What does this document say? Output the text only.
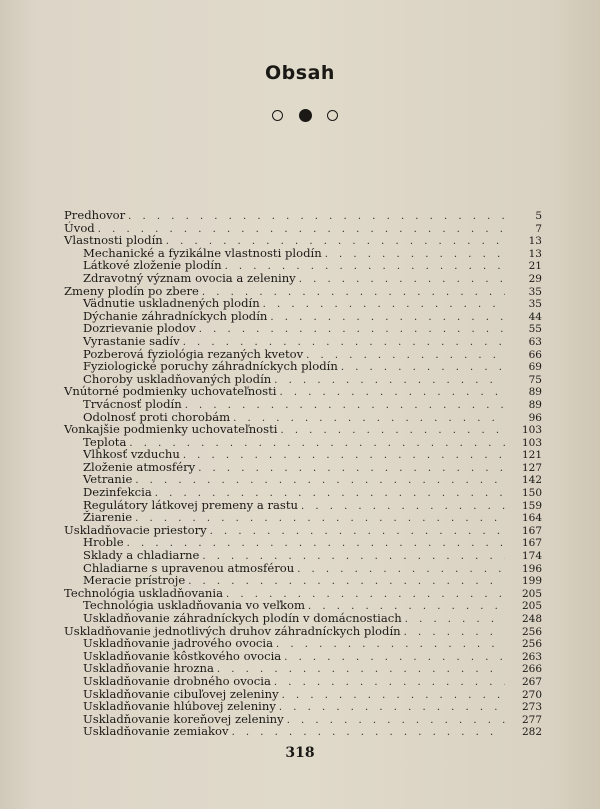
Obsah
Predhovor . . .	5
Úvod . . .	7
Vlastnosti plodín . . .	13
Mechanické a fyzikálne vlastnosti plodín . . .	13
Látkové zloženie plodín . . .	21
Zdravotný význam ovocia a zeleniny . . .	29
Zmeny plodín po zbere . . .	35
Vädnutie uskladnených plodín . . .	35
Dýchanie záhradníckych plodín . . .	44
Dozrievanie plodov . . .	55
Vyrastanie sadív . . .	63
Pozberová fyziológia rezaných kvetov . . .	66
Fyziologické poruchy záhradníckych plodín . . .	69
Choroby uskladňovaných plodín . . .	75
Vnútorné podmienky uchovateľnosti . . .	89
Trvácnosť plodín . . .	89
Odolnosť proti chorobám . . .	96
Vonkajšie podmienky uchovateľnosti . . .	103
Teplota . . .	103
Vlhkosť vzduchu . . .	121
Zloženie atmosféry . . .	127
Vetranie . . .	142
Dezinfekcia . . .	150
Regulátory látkovej premeny a rastu . . .	159
Žiarenie . . .	164
Uskladňovacie priestory . . .	167
Hroble . . .	167
Sklady a chladiarne . . .	174
Chladiarne s upravenou atmosférou . . .	196
Meracie prístroje . . .	199
Technológia uskladňovania . . .	205
Technológia uskladňovania vo veľkom . . .	205
Uskladňovanie záhradníckych plodín v domácnostiach . . .	248
Uskladňovanie jednotlivých druhov záhradníckych plodín . . .	256
Uskladňovanie jadrového ovocia . . .	256
Uskladňovanie kôstkového ovocia . . .	263
Uskladňovanie hrozna . . .	266
Uskladňovanie drobného ovocia . . .	267
Uskladňovanie cibuľovej zeleniny . . .	270
Uskladňovanie hlúbovej zeleniny . . .	273
Uskladňovanie koreňovej zeleniny . . .	277
Uskladňovanie zemiakov . . .	282
318
